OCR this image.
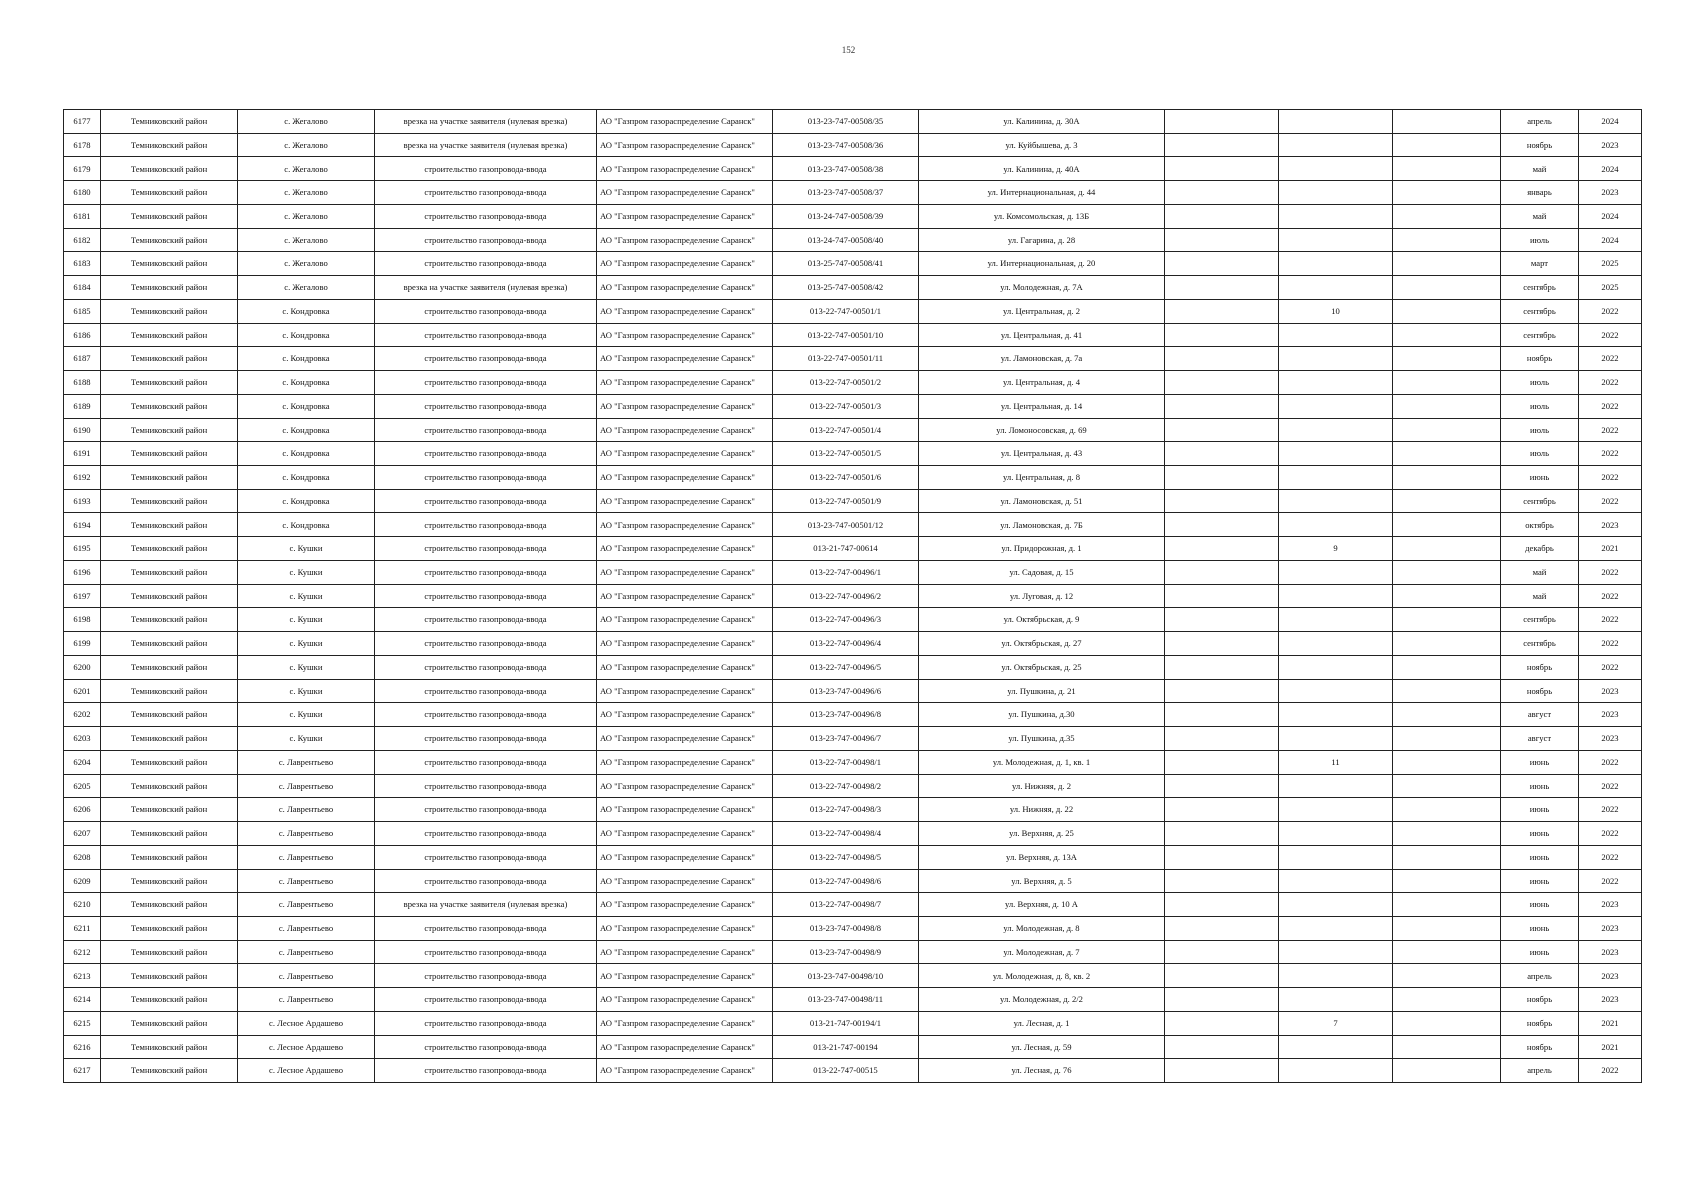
152
6177	Темниковский район	с. Жегалово	врезка на участке заявителя (нулевая врезка)	АО "Газпром газораспределение Саранск"	013-23-747-00508/35	ул. Калинина, д. 30А				апрель	2024
6178	Темниковский район	с. Жегалово	врезка на участке заявителя (нулевая врезка)	АО "Газпром газораспределение Саранск"	013-23-747-00508/36	ул. Куйбышева, д. 3				ноябрь	2023
6179	Темниковский район	с. Жегалово	строительство газопровода-ввода	АО "Газпром газораспределение Саранск"	013-23-747-00508/38	ул. Калинина, д. 40А				май	2024
6180	Темниковский район	с. Жегалово	строительство газопровода-ввода	АО "Газпром газораспределение Саранск"	013-23-747-00508/37	ул. Интернациональная, д. 44				январь	2023
6181	Темниковский район	с. Жегалово	строительство газопровода-ввода	АО "Газпром газораспределение Саранск"	013-24-747-00508/39	ул. Комсомольская, д. 13Б				май	2024
6182	Темниковский район	с. Жегалово	строительство газопровода-ввода	АО "Газпром газораспределение Саранск"	013-24-747-00508/40	ул. Гагарина, д. 28				июль	2024
6183	Темниковский район	с. Жегалово	строительство газопровода-ввода	АО "Газпром газораспределение Саранск"	013-25-747-00508/41	ул. Интернациональная, д. 20				март	2025
6184	Темниковский район	с. Жегалово	врезка на участке заявителя (нулевая врезка)	АО "Газпром газораспределение Саранск"	013-25-747-00508/42	ул. Молодежная, д. 7А				сентябрь	2025
6185	Темниковский район	с. Кондровка	строительство газопровода-ввода	АО "Газпром газораспределение Саранск"	013-22-747-00501/1	ул. Центральная, д. 2		10		сентябрь	2022
6186	Темниковский район	с. Кондровка	строительство газопровода-ввода	АО "Газпром газораспределение Саранск"	013-22-747-00501/10	ул. Центральная, д. 41				сентябрь	2022
6187	Темниковский район	с. Кондровка	строительство газопровода-ввода	АО "Газпром газораспределение Саранск"	013-22-747-00501/11	ул. Ламоновская, д. 7а				ноябрь	2022
6188	Темниковский район	с. Кондровка	строительство газопровода-ввода	АО "Газпром газораспределение Саранск"	013-22-747-00501/2	ул. Центральная, д. 4				июль	2022
6189	Темниковский район	с. Кондровка	строительство газопровода-ввода	АО "Газпром газораспределение Саранск"	013-22-747-00501/3	ул. Центральная, д. 14				июль	2022
6190	Темниковский район	с. Кондровка	строительство газопровода-ввода	АО "Газпром газораспределение Саранск"	013-22-747-00501/4	ул. Ломоносовская, д. 69				июль	2022
6191	Темниковский район	с. Кондровка	строительство газопровода-ввода	АО "Газпром газораспределение Саранск"	013-22-747-00501/5	ул. Центральная, д. 43				июль	2022
6192	Темниковский район	с. Кондровка	строительство газопровода-ввода	АО "Газпром газораспределение Саранск"	013-22-747-00501/6	ул. Центральная, д. 8				июнь	2022
6193	Темниковский район	с. Кондровка	строительство газопровода-ввода	АО "Газпром газораспределение Саранск"	013-22-747-00501/9	ул. Ламоновская, д. 51				сентябрь	2022
6194	Темниковский район	с. Кондровка	строительство газопровода-ввода	АО "Газпром газораспределение Саранск"	013-23-747-00501/12	ул. Ламоновская, д. 7Б				октябрь	2023
6195	Темниковский район	с. Кушки	строительство газопровода-ввода	АО "Газпром газораспределение Саранск"	013-21-747-00614	ул. Придорожная, д. 1		9		декабрь	2021
6196	Темниковский район	с. Кушки	строительство газопровода-ввода	АО "Газпром газораспределение Саранск"	013-22-747-00496/1	ул. Садовая, д. 15				май	2022
6197	Темниковский район	с. Кушки	строительство газопровода-ввода	АО "Газпром газораспределение Саранск"	013-22-747-00496/2	ул. Луговая, д. 12				май	2022
6198	Темниковский район	с. Кушки	строительство газопровода-ввода	АО "Газпром газораспределение Саранск"	013-22-747-00496/3	ул. Октябрьская, д. 9				сентябрь	2022
6199	Темниковский район	с. Кушки	строительство газопровода-ввода	АО "Газпром газораспределение Саранск"	013-22-747-00496/4	ул. Октябрьская, д. 27				сентябрь	2022
6200	Темниковский район	с. Кушки	строительство газопровода-ввода	АО "Газпром газораспределение Саранск"	013-22-747-00496/5	ул. Октябрьская, д. 25				ноябрь	2022
6201	Темниковский район	с. Кушки	строительство газопровода-ввода	АО "Газпром газораспределение Саранск"	013-23-747-00496/6	ул. Пушкина, д. 21				ноябрь	2023
6202	Темниковский район	с. Кушки	строительство газопровода-ввода	АО "Газпром газораспределение Саранск"	013-23-747-00496/8	ул. Пушкина, д.30				август	2023
6203	Темниковский район	с. Кушки	строительство газопровода-ввода	АО "Газпром газораспределение Саранск"	013-23-747-00496/7	ул. Пушкина, д.35				август	2023
6204	Темниковский район	с. Лаврентьево	строительство газопровода-ввода	АО "Газпром газораспределение Саранск"	013-22-747-00498/1	ул. Молодежная, д. 1, кв. 1		11		июнь	2022
6205	Темниковский район	с. Лаврентьево	строительство газопровода-ввода	АО "Газпром газораспределение Саранск"	013-22-747-00498/2	ул. Нижняя, д. 2				июнь	2022
6206	Темниковский район	с. Лаврентьево	строительство газопровода-ввода	АО "Газпром газораспределение Саранск"	013-22-747-00498/3	ул. Нижняя, д. 22				июнь	2022
6207	Темниковский район	с. Лаврентьево	строительство газопровода-ввода	АО "Газпром газораспределение Саранск"	013-22-747-00498/4	ул. Верхняя, д. 25				июнь	2022
6208	Темниковский район	с. Лаврентьево	строительство газопровода-ввода	АО "Газпром газораспределение Саранск"	013-22-747-00498/5	ул. Верхняя, д. 13А				июнь	2022
6209	Темниковский район	с. Лаврентьево	строительство газопровода-ввода	АО "Газпром газораспределение Саранск"	013-22-747-00498/6	ул. Верхняя, д. 5				июнь	2022
6210	Темниковский район	с. Лаврентьево	врезка на участке заявителя (нулевая врезка)	АО "Газпром газораспределение Саранск"	013-22-747-00498/7	ул. Верхняя, д. 10 А				июнь	2023
6211	Темниковский район	с. Лаврентьево	строительство газопровода-ввода	АО "Газпром газораспределение Саранск"	013-23-747-00498/8	ул. Молодежная, д. 8				июнь	2023
6212	Темниковский район	с. Лаврентьево	строительство газопровода-ввода	АО "Газпром газораспределение Саранск"	013-23-747-00498/9	ул. Молодежная, д. 7				июнь	2023
6213	Темниковский район	с. Лаврентьево	строительство газопровода-ввода	АО "Газпром газораспределение Саранск"	013-23-747-00498/10	ул. Молодежная, д. 8, кв. 2				апрель	2023
6214	Темниковский район	с. Лаврентьево	строительство газопровода-ввода	АО "Газпром газораспределение Саранск"	013-23-747-00498/11	ул. Молодежная, д. 2/2				ноябрь	2023
6215	Темниковский район	с. Лесное Ардашево	строительство газопровода-ввода	АО "Газпром газораспределение Саранск"	013-21-747-00194/1	ул. Лесная, д. 1		7		ноябрь	2021
6216	Темниковский район	с. Лесное Ардашево	строительство газопровода-ввода	АО "Газпром газораспределение Саранск"	013-21-747-00194	ул. Лесная, д. 59				ноябрь	2021
6217	Темниковский район	с. Лесное Ардашево	строительство газопровода-ввода	АО "Газпром газораспределение Саранск"	013-22-747-00515	ул. Лесная, д. 76				апрель	2022
